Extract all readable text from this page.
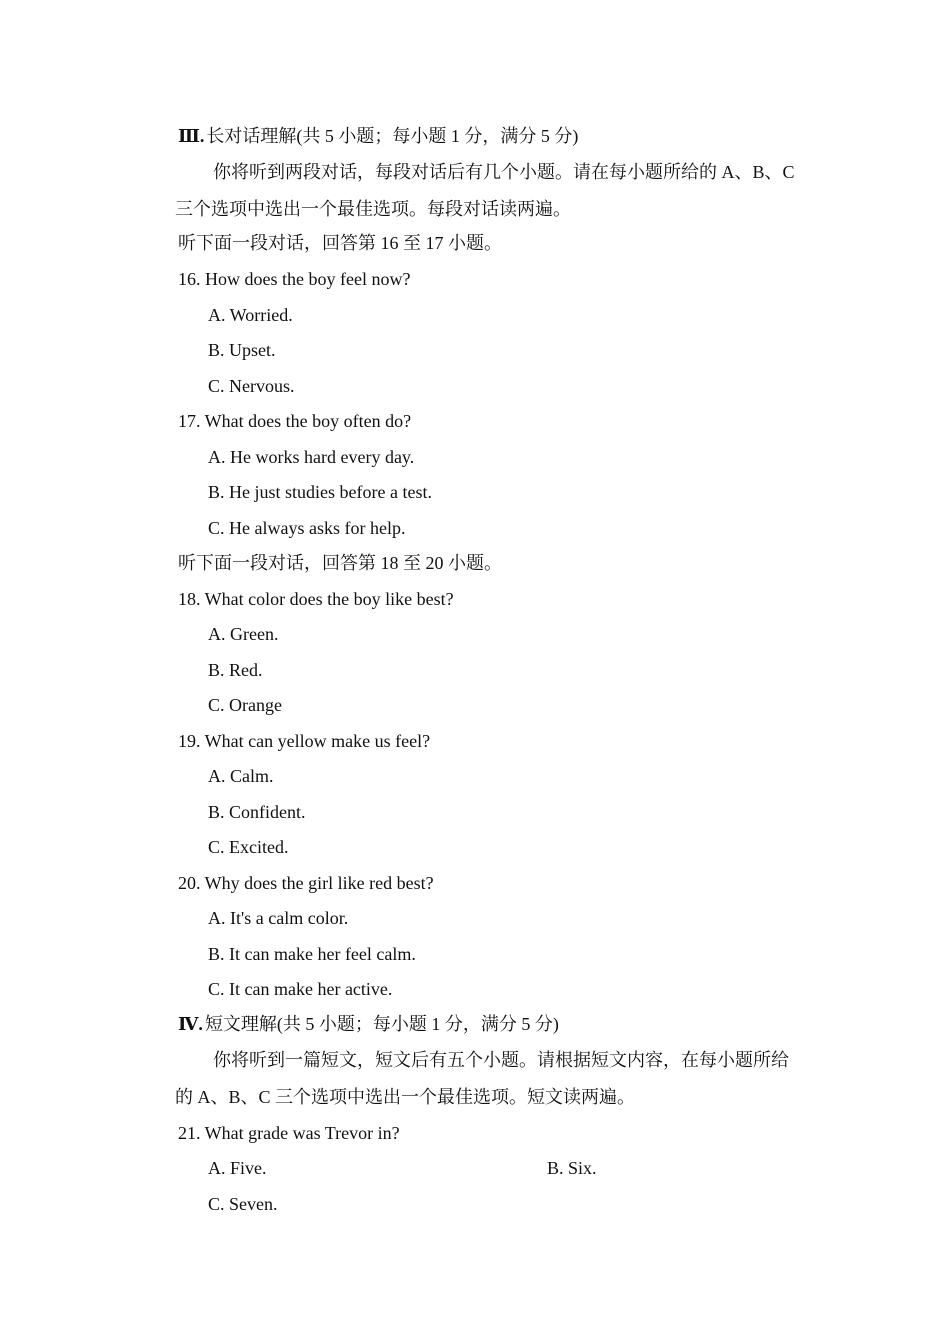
Ⅲ. 长对话理解(共 5 小题；每小题 1 分，满分 5 分)
你将听到两段对话，每段对话后有几个小题。请在每小题所给的 A、B、C
三个选项中选出一个最佳选项。每段对话读两遍。
听下面一段对话，回答第 16 至 17 小题。
16. How does the boy feel now?
A. Worried.
B. Upset.
C. Nervous.
17. What does the boy often do?
A. He works hard every day.
B. He just studies before a test.
C. He always asks for help.
听下面一段对话，回答第 18 至 20 小题。
18. What color does the boy like best?
A. Green.
B. Red.
C. Orange
19. What can yellow make us feel?
A. Calm.
B. Confident.
C. Excited.
20. Why does the girl like red best?
A. It's a calm color.
B. It can make her feel calm.
C. It can make her active.
Ⅳ. 短文理解(共 5 小题；每小题 1 分，满分 5 分)
你将听到一篇短文，短文后有五个小题。请根据短文内容，在每小题所给
的 A、B、C 三个选项中选出一个最佳选项。短文读两遍。
21. What grade was Trevor in?
A. Five.	B. Six.
C. Seven.
